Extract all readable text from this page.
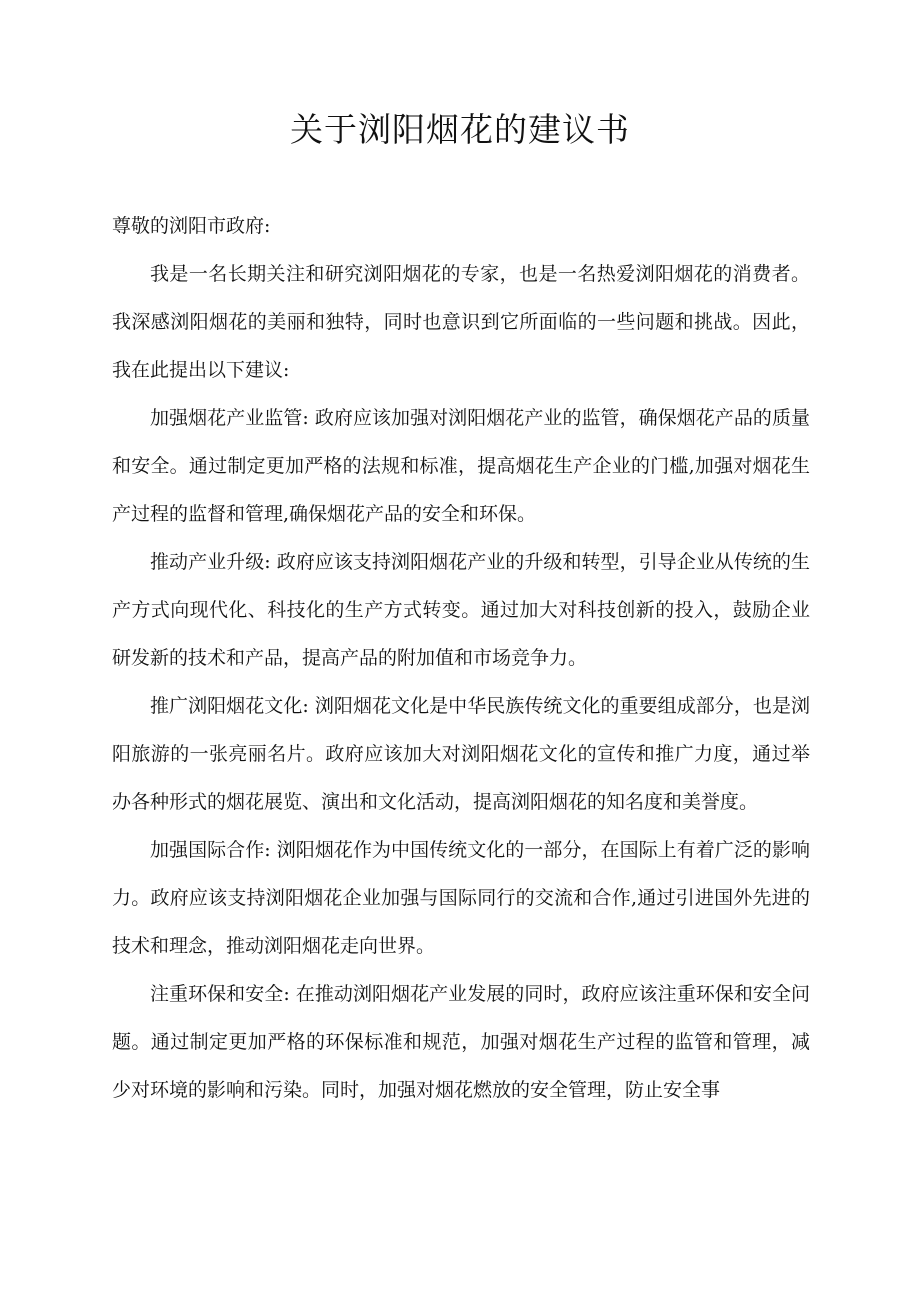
关于浏阳烟花的建议书

尊敬的浏阳市政府:

我是一名长期关注和研究浏阳烟花的专家，也是一名热爱浏阳烟花的消费者。我深感浏阳烟花的美丽和独特，同时也意识到它所面临的一些问题和挑战。因此，我在此提出以下建议:

加强烟花产业监管: 政府应该加强对浏阳烟花产业的监管，确保烟花产品的质量和安全。通过制定更加严格的法规和标准，提高烟花生产企业的门槛,加强对烟花生产过程的监督和管理,确保烟花产品的安全和环保。

推动产业升级: 政府应该支持浏阳烟花产业的升级和转型，引导企业从传统的生产方式向现代化、科技化的生产方式转变。通过加大对科技创新的投入，鼓励企业研发新的技术和产品，提高产品的附加值和市场竞争力。

推广浏阳烟花文化: 浏阳烟花文化是中华民族传统文化的重要组成部分，也是浏阳旅游的一张亮丽名片。政府应该加大对浏阳烟花文化的宣传和推广力度，通过举办各种形式的烟花展览、演出和文化活动，提高浏阳烟花的知名度和美誉度。

加强国际合作: 浏阳烟花作为中国传统文化的一部分，在国际上有着广泛的影响力。政府应该支持浏阳烟花企业加强与国际同行的交流和合作,通过引进国外先进的技术和理念，推动浏阳烟花走向世界。

注重环保和安全: 在推动浏阳烟花产业发展的同时，政府应该注重环保和安全问题。通过制定更加严格的环保标准和规范，加强对烟花生产过程的监管和管理，减少对环境的影响和污染。同时，加强对烟花燃放的安全管理，防止安全事
